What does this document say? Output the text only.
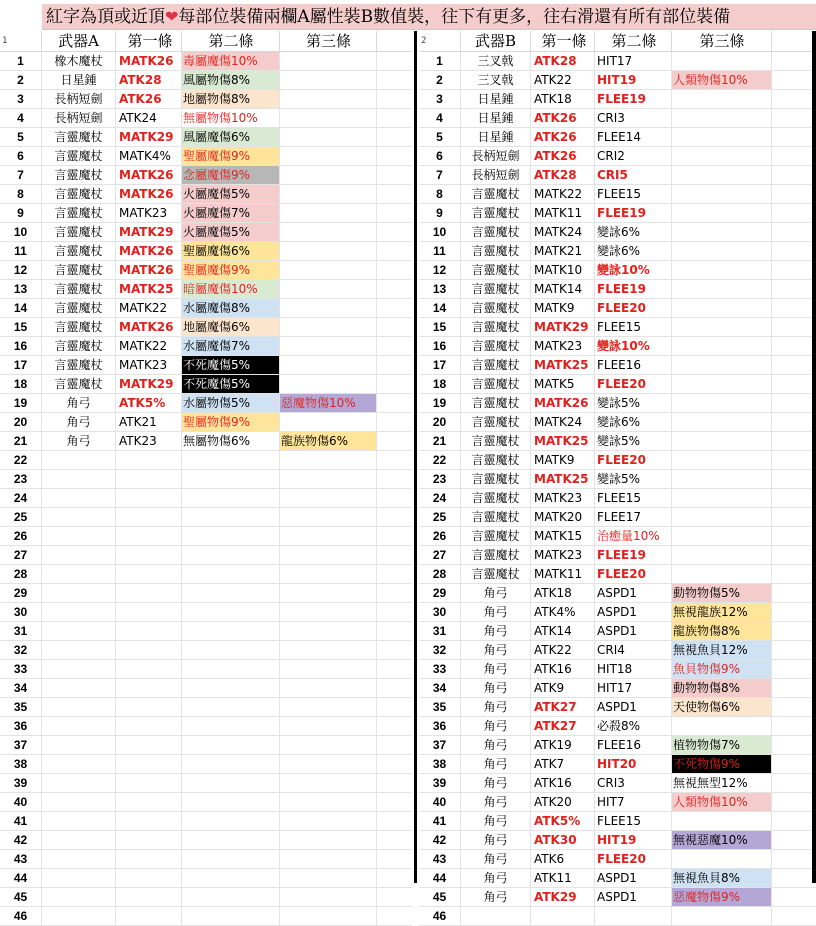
紅字為頂或近頂❤每部位裝備兩欄A屬性裝B數值裝，往下有更多，往右滑還有所有部位裝備
1	武器A	第一條	第二條	第三條
1	橡木魔杖	MATK26 毒屬魔傷10%
2	日星鍾	ATK28	風屬物傷8%
3	長柄短劍	ATK26	地屬物傷8%
4	長柄短劍	ATK24	無屬物傷10%
5	言靈魔杖	MATK29 風屬魔傷6%
6	言靈魔杖	MATK4%	聖屬魔傷9%
7	言靈魔杖	MATK26 念屬魔傷9%
8	言靈魔杖	MATK26 火屬魔傷5%
9	言靈魔杖	MATK23	火屬魔傷7%
10	言靈魔杖	MATK29 火屬魔傷5%
11	言靈魔杖	MATK26 聖屬魔傷6%
12	言靈魔杖	MATK26 聖屬魔傷9%
13	言靈魔杖	MATK25 暗屬魔傷10%
14	言靈魔杖	MATK22	水屬魔傷8%
15	言靈魔杖	MATK26 地屬魔傷6%
16	言靈魔杖	MATK22	水屬魔傷7%
17	言靈魔杖	MATK23	不死魔傷5%
18	言靈魔杖	MATK29 不死魔傷5%
19	角弓	ATK5%	水屬物傷5%	惡魔物傷10%
20	角弓	ATK21	聖屬物傷9%
21	角弓	ATK23	無屬物傷6%	龍族物傷6%
22
23
24
25
26
27
28
29
30
31
32
33
34
35
36
37
38
39
40
41
42
43
44
45
46
2	武器B	第一條	第二條	第三條
1	三叉戟	ATK28	HIT17
2	三叉戟	ATK22	HIT19	人類物傷10%
3	日星鍾	ATK18	FLEE19
4	日星鍾	ATK26	CRI3
5	日星鍾	ATK26	FLEE14
6	長柄短劍	ATK26	CRI2
7	長柄短劍	ATK28	CRI5
8	言靈魔杖	MATK22	FLEE15
9	言靈魔杖	MATK11	FLEE19
10	言靈魔杖	MATK24	變詠6%
11	言靈魔杖	MATK21	變詠6%
12	言靈魔杖	MATK10	變詠10%
13	言靈魔杖	MATK14	FLEE19
14	言靈魔杖	MATK9	FLEE20
15	言靈魔杖	MATK29 FLEE15
16	言靈魔杖	MATK23	變詠10%
17	言靈魔杖	MATK25 FLEE16
18	言靈魔杖	MATK5	FLEE20
19	言靈魔杖	MATK26 變詠5%
20	言靈魔杖	MATK24	變詠6%
21	言靈魔杖	MATK25 變詠5%
22	言靈魔杖	MATK9	FLEE20
23	言靈魔杖	MATK25 變詠5%
24	言靈魔杖	MATK23	FLEE15
25	言靈魔杖	MATK20	FLEE17
26	言靈魔杖	MATK15	治癒量10%
27	言靈魔杖	MATK23	FLEE19
28	言靈魔杖	MATK11	FLEE20
29	角弓	ATK18	ASPD1	動物物傷5%
30	角弓	ATK4%	ASPD1	無視龍族12%
31	角弓	ATK14	ASPD1	龍族物傷8%
32	角弓	ATK22	CRI4	無視魚貝12%
33	角弓	ATK16	HIT18	魚貝物傷9%
34	角弓	ATK9	HIT17	動物物傷8%
35	角弓	ATK27	ASPD1	天使物傷6%
36	角弓	ATK27	必殺8%
37	角弓	ATK19	FLEE16	植物物傷7%
38	角弓	ATK7	HIT20	不死物傷9%
39	角弓	ATK16	CRI3	無視無型12%
40	角弓	ATK20	HIT7	人類物傷10%
41	角弓	ATK5%	FLEE15
42	角弓	ATK30	HIT19	無視惡魔10%
43	角弓	ATK6	FLEE20
44	角弓	ATK11	ASPD1	無視魚貝8%
45	角弓	ATK29	ASPD1	惡魔物傷9%
46
